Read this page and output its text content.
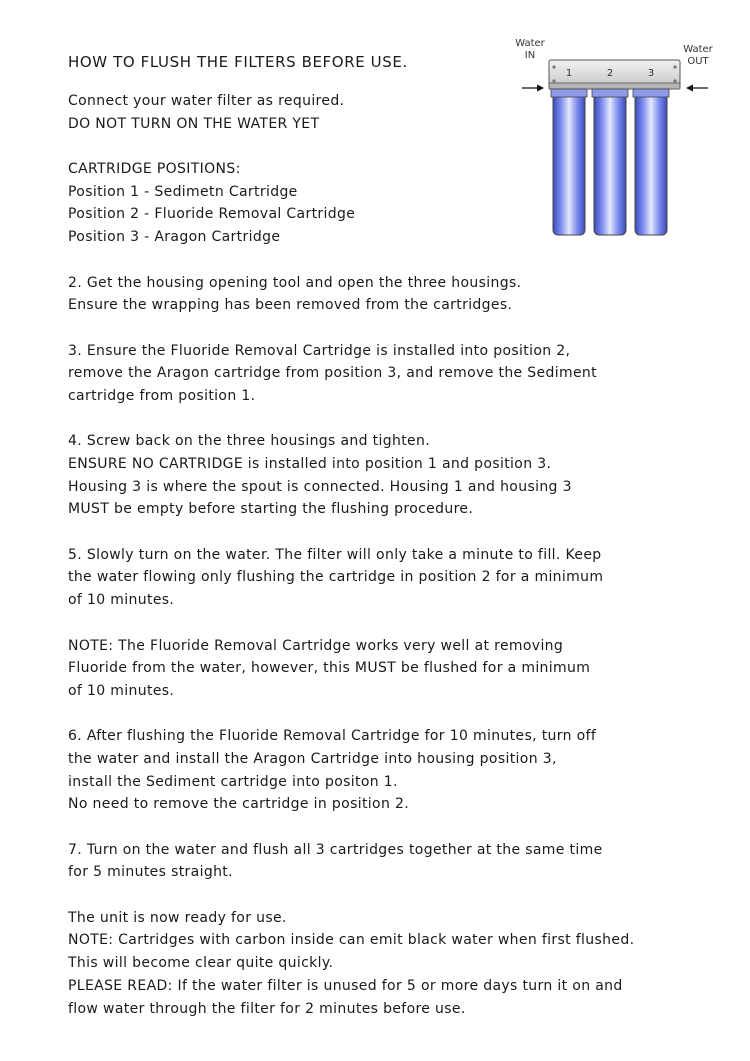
HOW TO FLUSH THE FILTERS BEFORE USE.
Connect your water filter as required.
DO NOT TURN ON THE WATER YET
CARTRIDGE POSITIONS:
Position 1 - Sedimetn Cartridge
Position 2 - Fluoride Removal Cartridge
Position 3 - Aragon Cartridge
2. Get the housing opening tool and open the three housings.
Ensure the wrapping has been removed from the cartridges.
3. Ensure the Fluoride Removal Cartridge is installed into position 2,
remove the Aragon cartridge from position 3, and remove the Sediment
cartridge from position 1.
4. Screw back on the three housings and tighten.
ENSURE NO CARTRIDGE is installed into position 1 and position 3.
Housing 3 is where the spout is connected. Housing 1 and housing 3
MUST be empty before starting the flushing procedure.
5. Slowly turn on the water. The filter will only take a minute to fill. Keep
the water flowing only flushing the cartridge in position 2 for a minimum
of 10 minutes.
NOTE: The Fluoride Removal Cartridge works very well at removing
Fluoride from the water, however, this MUST be flushed for a minimum
of 10 minutes.
6. After flushing the Fluoride Removal Cartridge for 10 minutes, turn off
the water and install the Aragon Cartridge into housing position 3,
install the Sediment cartridge into positon 1.
No need to remove the cartridge in position 2.
7. Turn on the water and flush all 3 cartridges together at the same time
for 5 minutes straight.
The unit is now ready for use.
NOTE: Cartridges with carbon inside can emit black water when first flushed.
This will become clear quite quickly.
PLEASE READ: If the water filter is unused for 5 or more days turn it on and
flow water through the filter for 2 minutes before use.
Water
IN
Water
OUT
1	2	3
